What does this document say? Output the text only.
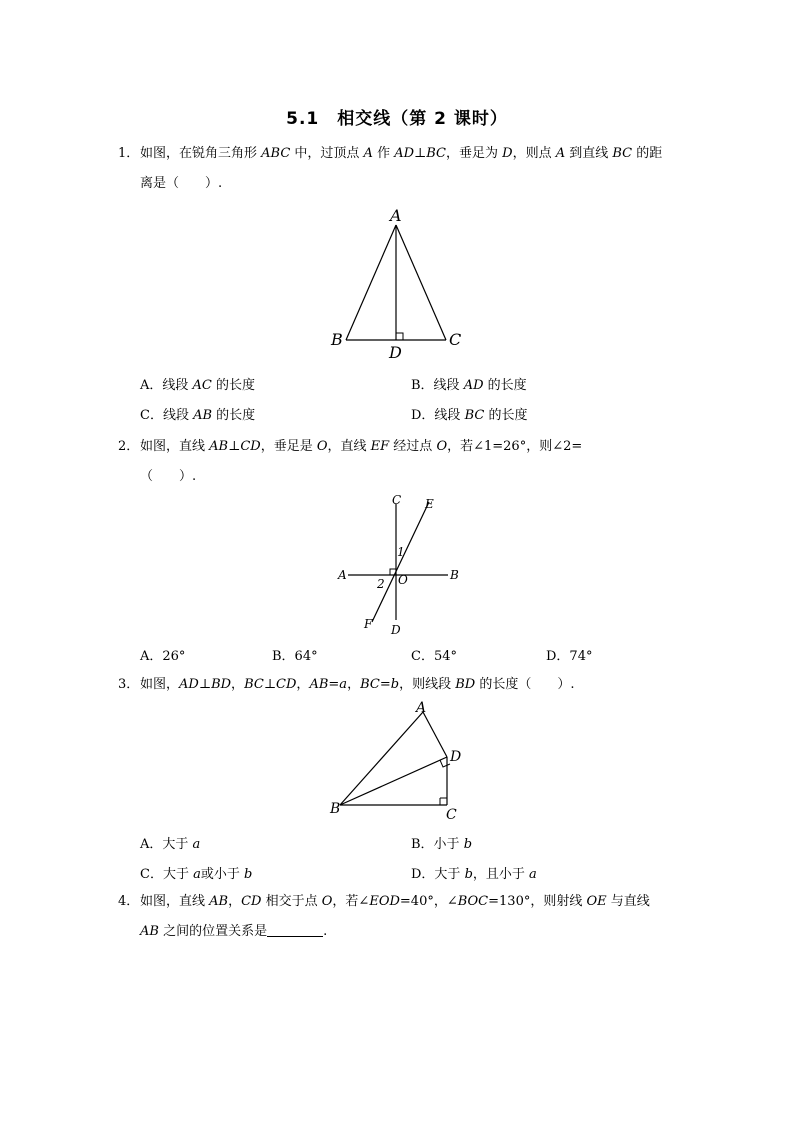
5.1　相交线（第 2 课时）
1．如图，在锐角三角形 ABC 中，过顶点 A 作 AD⊥BC，垂足为 D，则点 A 到直线 BC 的距
离是（　　）.
A
B	C
D
A．线段 AC 的长度	B．线段 AD 的长度
C．线段 AB 的长度	D．线段 BC 的长度
2．如图，直线 AB⊥CD，垂足是 O，直线 EF 经过点 O，若∠1=26°，则∠2=
（　　）.
A	B
C
D
E
F
O
1
2
A．26°	B．64°	C．54°	D．74°
3．如图，AD⊥BD，BC⊥CD，AB=a，BC=b，则线段 BD 的长度（　　）.
A
B	C
D
A．大于 a	B．小于 b
C．大于 a或小于 b	D．大于 b，且小于 a
4．如图，直线 AB，CD 相交于点 O，若∠EOD=40°，∠BOC=130°，则射线 OE 与直线
AB 之间的位置关系是	.
